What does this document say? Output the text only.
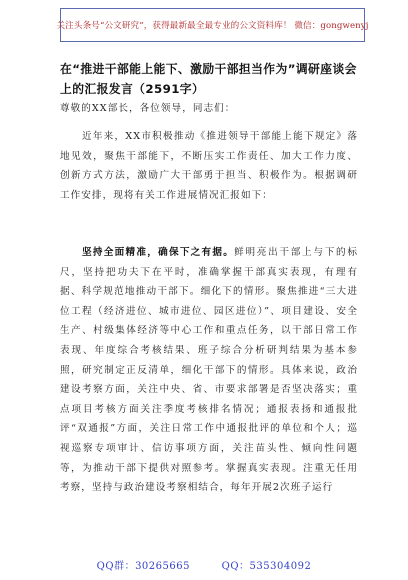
关注头条号“公文研究”，获得最新最全最专业的公文资料库！ 微信：gongwenyj
在“推进干部能上能下、激励干部担当作为”调研座谈会上的汇报发言（2591字）
尊敬的XX部长，各位领导，同志们：
近年来，XX市积极推动《推进领导干部能上能下规定》落地见效，聚焦干部能下，不断压实工作责任、加大工作力度、创新方式方法，激励广大干部勇于担当、积极作为。根据调研工作安排，现将有关工作进展情况汇报如下：
坚持全面精准，确保下之有据。鲜明亮出干部上与下的标尺，坚持把功夫下在平时，准确掌握干部真实表现，有理有据、科学规范地推动干部下。细化下的情形。聚焦推进“三大进位工程（经济进位、城市进位、园区进位）”、项目建设、安全生产、村级集体经济等中心工作和重点任务，以干部日常工作表现、年度综合考核结果、班子综合分析研判结果为基本参照，研究制定正反清单，细化干部下的情形。具体来说，政治建设考察方面，关注中央、省、市要求部署是否坚决落实；重点项目考核方面关注季度考核排名情况；通报表扬和通报批评“双通报”方面，关注日常工作中通报批评的单位和个人；巡视巡察专项审计、信访事项方面，关注苗头性、倾向性问题等，为推动干部下提供对照参考。掌握真实表现。注重无任用考察，坚持与政治建设考察相结合，每年开展2次班子运行
QQ群：30265665	QQ：535304092
